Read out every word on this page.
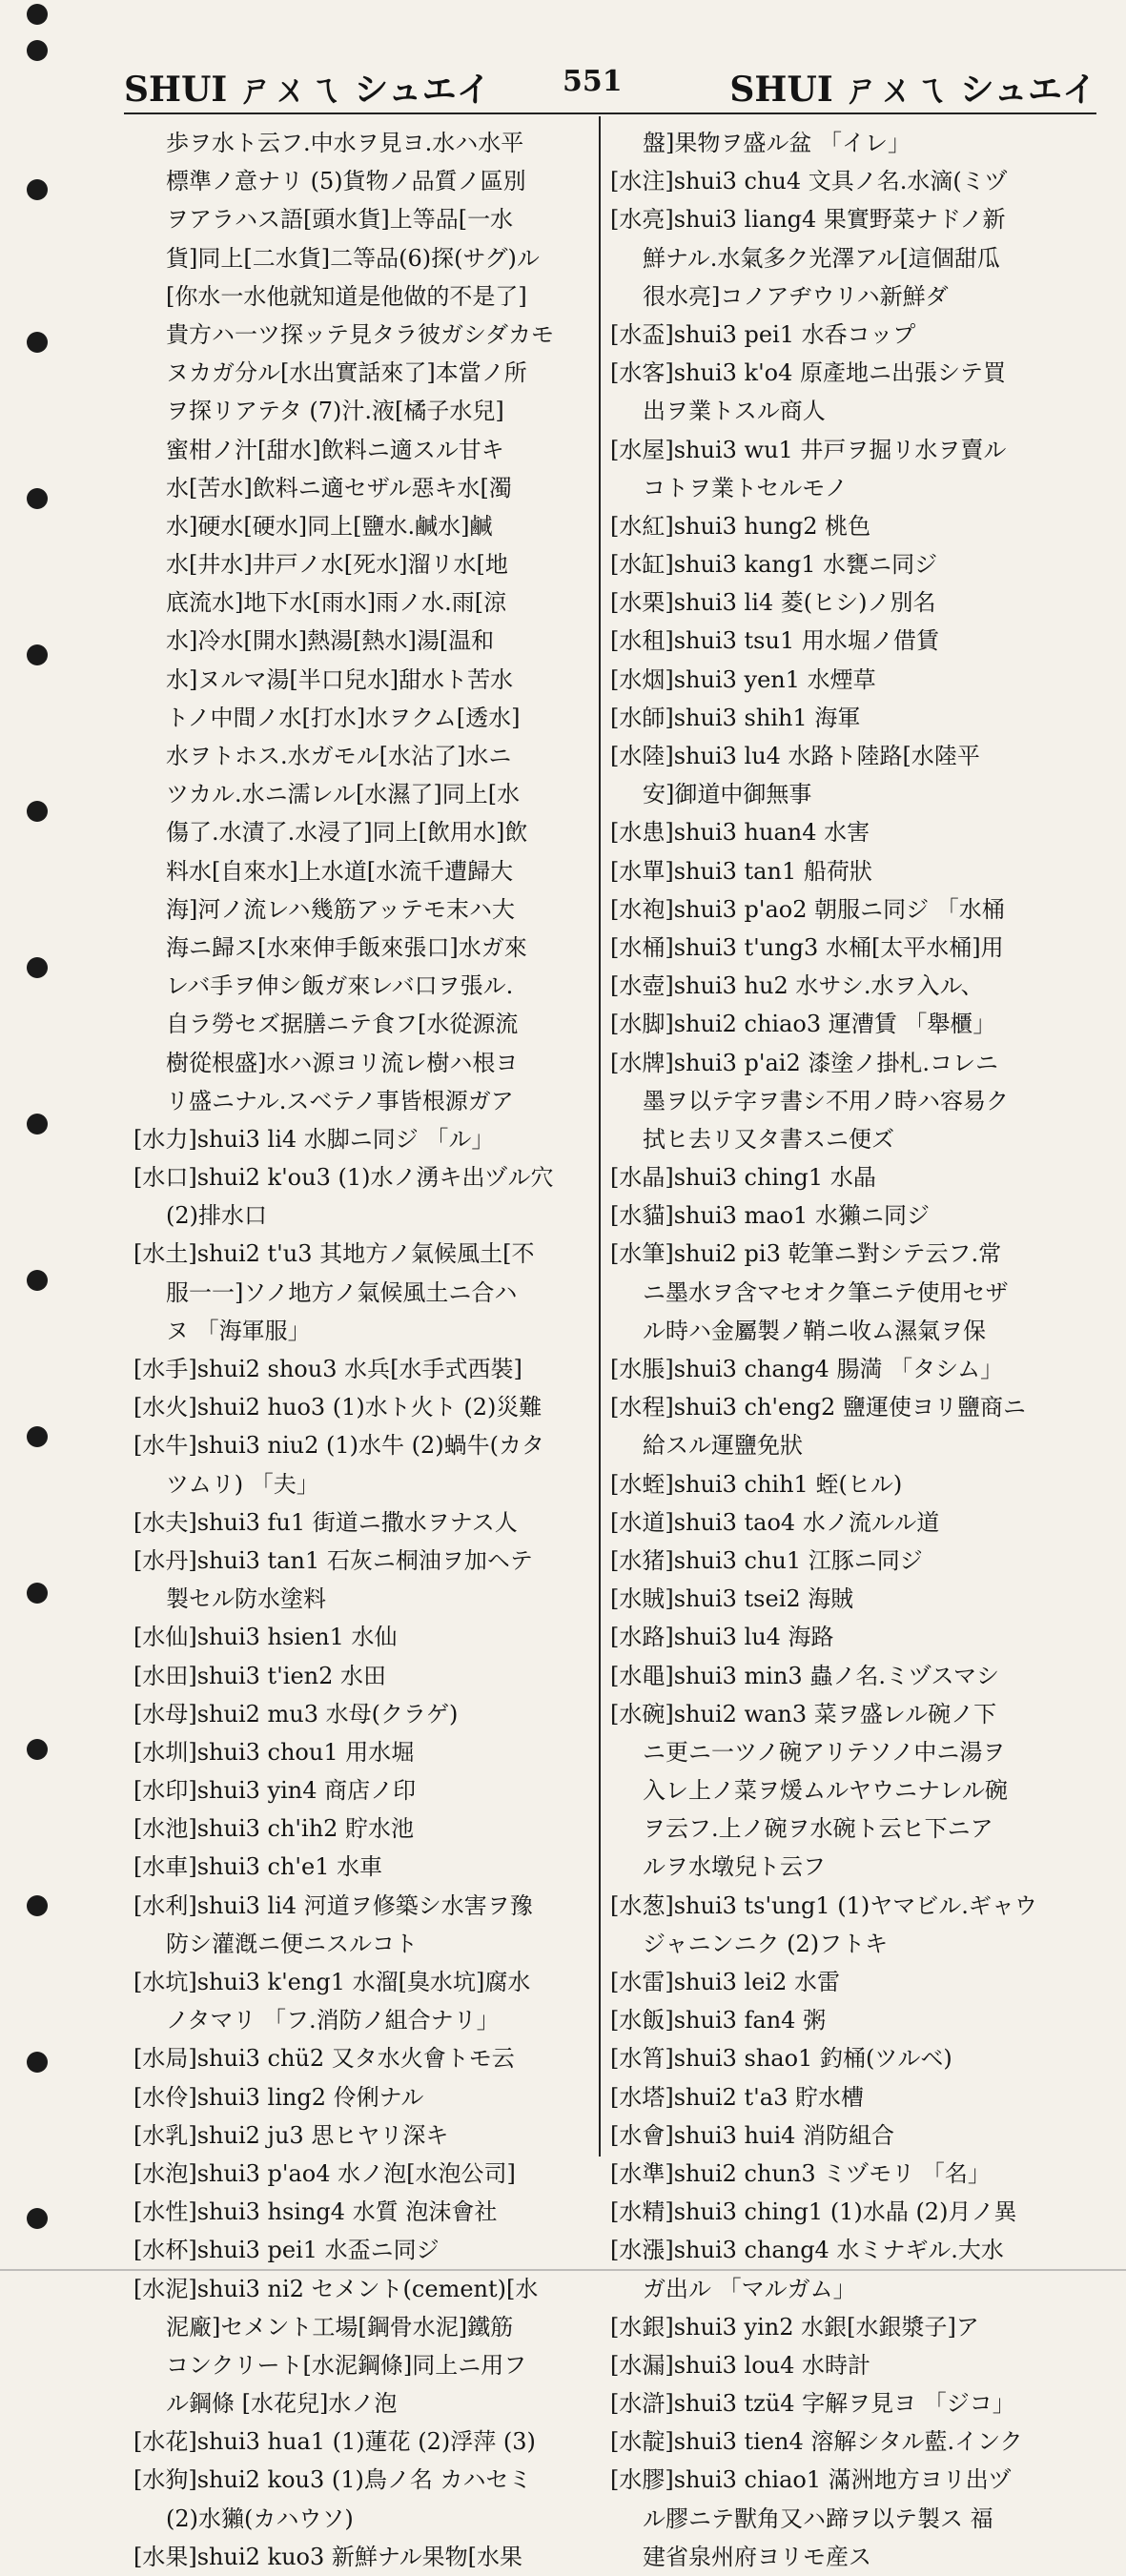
SHUI ㄕㄨㄟ シュエイ	551	SHUI ㄕㄨㄟ シュエイ
歩ヲ水ト云フ.中水ヲ見ヨ.水ハ水平
標準ノ意ナリ (5)貨物ノ品質ノ區別
ヲアラハス語[頭水貨]上等品[一水
貨]同上[二水貨]二等品(6)探(サグ)ル
[你水一水他就知道是他做的不是了]
貴方ハ一ツ探ッテ見タラ彼ガシダカモ
ヌカガ分ル[水出實話來了]本當ノ所
ヲ探リアテタ (7)汁.液[橘子水兒]
蜜柑ノ汁[甜水]飲料ニ適スル甘キ
水[苦水]飲料ニ適セザル惡キ水[濁
水]硬水[硬水]同上[鹽水.鹹水]鹹
水[井水]井戸ノ水[死水]溜リ水[地
底流水]地下水[雨水]雨ノ水.雨[涼
水]冷水[開水]熱湯[熱水]湯[温和
水]ヌルマ湯[半口兒水]甜水ト苦水
トノ中間ノ水[打水]水ヲクム[透水]
水ヲトホス.水ガモル[水沾了]水ニ
ツカル.水ニ濡レル[水濕了]同上[水
傷了.水漬了.水浸了]同上[飲用水]飲
料水[自來水]上水道[水流千遭歸大
海]河ノ流レハ幾筋アッテモ末ハ大
海ニ歸ス[水來伸手飯來張口]水ガ來
レバ手ヲ伸シ飯ガ來レバ口ヲ張ル.
自ラ勞セズ据膳ニテ食フ[水從源流
樹從根盛]水ハ源ヨリ流レ樹ハ根ヨ
リ盛ニナル.スベテノ事皆根源ガア
[水力]shui3 li4 水脚ニ同ジ 「ル」
[水口]shui2 k'ou3 (1)水ノ湧キ出ヅル穴
(2)排水口
[水土]shui2 t'u3 其地方ノ氣候風土[不
服一一]ソノ地方ノ氣候風土ニ合ハ
ヌ 「海軍服」
[水手]shui2 shou3 水兵[水手式西裝]
[水火]shui2 huo3 (1)水ト火ト (2)災難
[水牛]shui3 niu2 (1)水牛 (2)蝸牛(カタ
ツムリ) 「夫」
[水夫]shui3 fu1 街道ニ撒水ヲナス人
[水丹]shui3 tan1 石灰ニ桐油ヲ加ヘテ
製セル防水塗料
[水仙]shui3 hsien1 水仙
[水田]shui3 t'ien2 水田
[水母]shui2 mu3 水母(クラゲ)
[水圳]shui3 chou1 用水堀
[水印]shui3 yin4 商店ノ印
[水池]shui3 ch'ih2 貯水池
[水車]shui3 ch'e1 水車
[水利]shui3 li4 河道ヲ修築シ水害ヲ豫
防シ灌漑ニ便ニスルコト
[水坑]shui3 k'eng1 水溜[臭水坑]腐水
ノタマリ 「フ.消防ノ組合ナリ」
[水局]shui3 chü2 又タ水火會トモ云
[水伶]shui3 ling2 伶俐ナル
[水乳]shui2 ju3 思ヒヤリ深キ
[水泡]shui3 p'ao4 水ノ泡[水泡公司]
[水性]shui3 hsing4 水質 泡沫會社
[水杯]shui3 pei1 水盃ニ同ジ
[水泥]shui3 ni2 セメント(cement)[水
泥廠]セメント工場[鋼骨水泥]鐵筋
コンクリート[水泥鋼條]同上ニ用フ
ル鋼條 [水花兒]水ノ泡
[水花]shui3 hua1 (1)蓮花 (2)浮萍 (3)
[水狗]shui2 kou3 (1)鳥ノ名 カハセミ
(2)水獺(カハウソ)
[水果]shui2 kuo3 新鮮ナル果物[水果
盤]果物ヲ盛ル盆 「イレ」
[水注]shui3 chu4 文具ノ名.水滴(ミヅ
[水亮]shui3 liang4 果實野菜ナドノ新
鮮ナル.水氣多ク光澤アル[這個甜瓜
很水亮]コノアヂウリハ新鮮ダ
[水盃]shui3 pei1 水呑コップ
[水客]shui3 k'o4 原產地ニ出張シテ買
出ヲ業トスル商人
[水屋]shui3 wu1 井戸ヲ掘リ水ヲ賣ル
コトヲ業トセルモノ
[水紅]shui3 hung2 桃色
[水缸]shui3 kang1 水甕ニ同ジ
[水栗]shui3 li4 菱(ヒシ)ノ別名
[水租]shui3 tsu1 用水堀ノ借賃
[水烟]shui3 yen1 水煙草
[水師]shui3 shih1 海軍
[水陸]shui3 lu4 水路ト陸路[水陸平
安]御道中御無事
[水患]shui3 huan4 水害
[水單]shui3 tan1 船荷狀
[水袍]shui3 p'ao2 朝服ニ同ジ 「水桶
[水桶]shui3 t'ung3 水桶[太平水桶]用
[水壺]shui3 hu2 水サシ.水ヲ入ル、
[水脚]shui2 chiao3 運漕賃 「舉櫃」
[水牌]shui3 p'ai2 漆塗ノ掛札.コレニ
墨ヲ以テ字ヲ書シ不用ノ時ハ容易ク
拭ヒ去リ又タ書スニ便ズ
[水晶]shui3 ching1 水晶
[水貓]shui3 mao1 水獺ニ同ジ
[水筆]shui2 pi3 乾筆ニ對シテ云フ.常
ニ墨水ヲ含マセオク筆ニテ使用セザ
ル時ハ金屬製ノ鞘ニ收ム濕氣ヲ保
[水脹]shui3 chang4 腸満 「タシム」
[水程]shui3 ch'eng2 鹽運使ヨリ鹽商ニ
給スル運鹽免狀
[水蛭]shui3 chih1 蛭(ヒル)
[水道]shui3 tao4 水ノ流ルル道
[水猪]shui3 chu1 江豚ニ同ジ
[水賊]shui3 tsei2 海賊
[水路]shui3 lu4 海路
[水黽]shui3 min3 蟲ノ名.ミヅスマシ
[水碗]shui2 wan3 菜ヲ盛レル碗ノ下
ニ更ニ一ツノ碗アリテソノ中ニ湯ヲ
入レ上ノ菜ヲ煖ムルヤウニナレル碗
ヲ云フ.上ノ碗ヲ水碗ト云ヒ下ニア
ルヲ水墩兒ト云フ
[水葱]shui3 ts'ung1 (1)ヤマビル.ギャウ
ジャニンニク (2)フトキ
[水雷]shui3 lei2 水雷
[水飯]shui3 fan4 粥
[水筲]shui3 shao1 釣桶(ツルベ)
[水塔]shui2 t'a3 貯水槽
[水會]shui3 hui4 消防組合
[水準]shui2 chun3 ミヅモリ 「名」
[水精]shui3 ching1 (1)水晶 (2)月ノ異
[水漲]shui3 chang4 水ミナギル.大水
ガ出ル 「マルガム」
[水銀]shui3 yin2 水銀[水銀漿子]ア
[水漏]shui3 lou4 水時計
[水滸]shui3 tzü4 字解ヲ見ヨ 「ジコ」
[水靛]shui3 tien4 溶解シタル藍.インク
[水膠]shui3 chiao1 滿洲地方ヨリ出ヅ
ル膠ニテ獸角又ハ蹄ヲ以テ製ス 福
建省泉州府ヨリモ産ス
